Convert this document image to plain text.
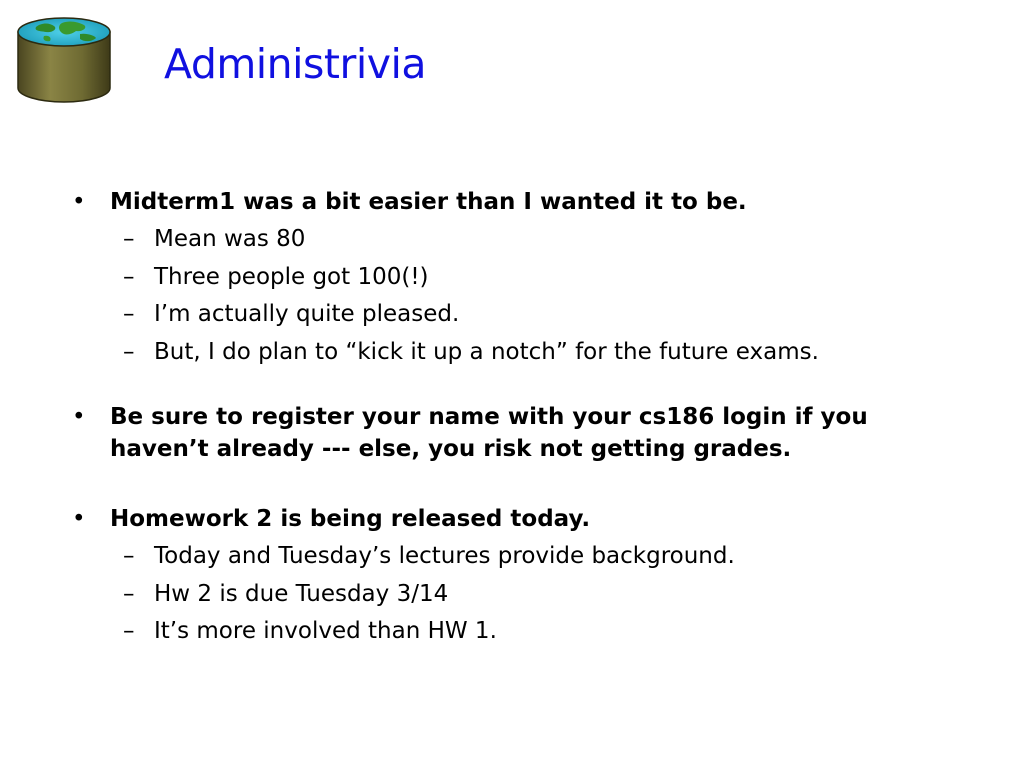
Administrivia
• Midterm1 was a bit easier than I wanted it to be.
– Mean was 80
– Three people got 100(!)
– I’m actually quite pleased.
– But, I do plan to “kick it up a notch” for the future exams.
• Be sure to register your name with your cs186 login if you haven’t already --- else, you risk not getting grades.
• Homework 2 is being released today.
– Today and Tuesday’s lectures provide background.
– Hw 2 is due Tuesday 3/14
– It’s more involved than HW 1.
